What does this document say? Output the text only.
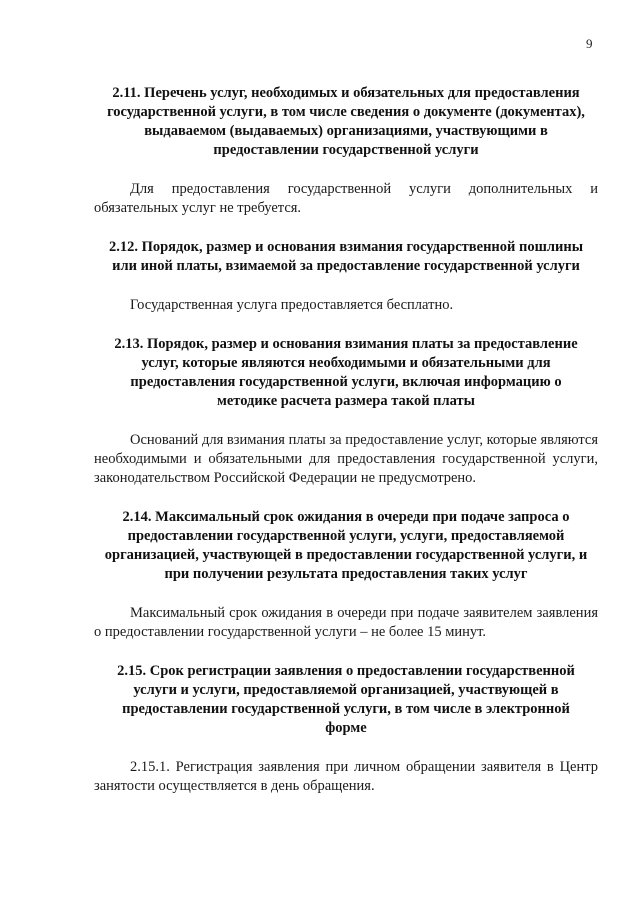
9

2.11. Перечень услуг, необходимых и обязательных для предоставления государственной услуги, в том числе сведения о документе (документах), выдаваемом (выдаваемых) организациями, участвующими в предоставлении государственной услуги

Для предоставления государственной услуги дополнительных и обязательных услуг не требуется.

2.12. Порядок, размер и основания взимания государственной пошлины или иной платы, взимаемой за предоставление государственной услуги

Государственная услуга предоставляется бесплатно.

2.13. Порядок, размер и основания взимания платы за предоставление услуг, которые являются необходимыми и обязательными для предоставления государственной услуги, включая информацию о методике расчета размера такой платы

Оснований для взимания платы за предоставление услуг, которые являются необходимыми и обязательными для предоставления государственной услуги, законодательством Российской Федерации не предусмотрено.

2.14. Максимальный срок ожидания в очереди при подаче запроса о предоставлении государственной услуги, услуги, предоставляемой организацией, участвующей в предоставлении государственной услуги, и при получении результата предоставления таких услуг

Максимальный срок ожидания в очереди при подаче заявителем заявления о предоставлении государственной услуги – не более 15 минут.

2.15. Срок регистрации заявления о предоставлении государственной услуги и услуги, предоставляемой организацией, участвующей в предоставлении государственной услуги, в том числе в электронной форме

2.15.1. Регистрация заявления при личном обращении заявителя в Центр занятости осуществляется в день обращения.
